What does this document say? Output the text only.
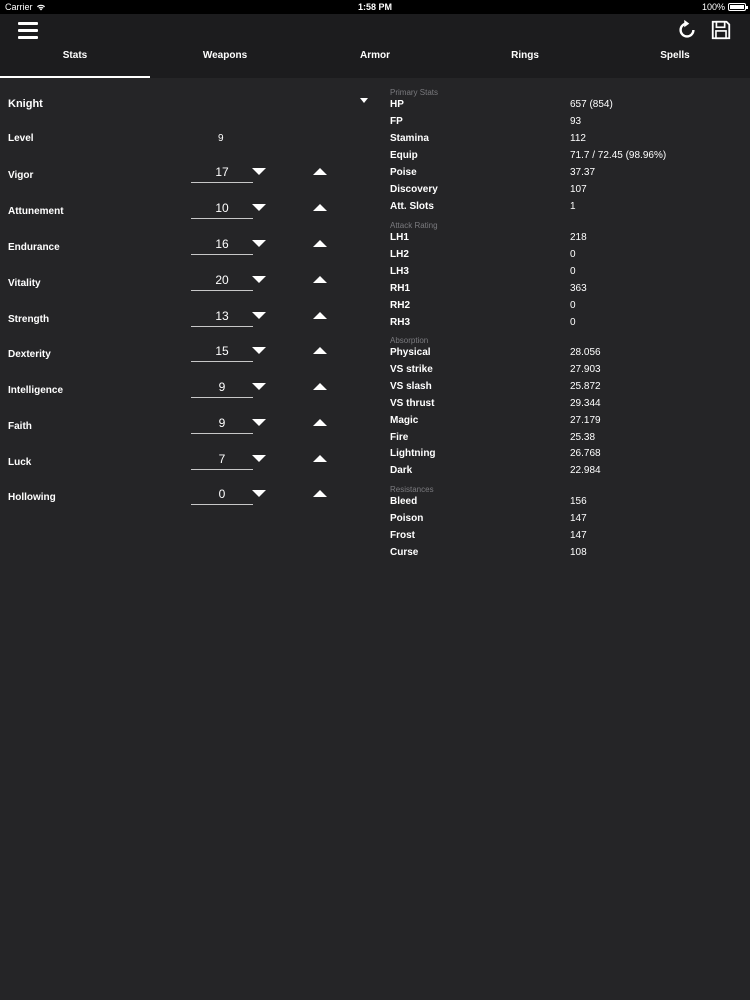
Carrier	1:58 PM	100%
Stats	Weapons	Armor	Rings	Spells
Knight
Level	9
Vigor	17
Attunement	10
Endurance	16
Vitality	20
Strength	13
Dexterity	15
Intelligence	9
Faith	9
Luck	7
Hollowing	0
Primary Stats
HP	657 (854)
FP	93
Stamina	112
Equip	71.7 / 72.45 (98.96%)
Poise	37.37
Discovery	107
Att. Slots	1
Attack Rating
LH1	218
LH2	0
LH3	0
RH1	363
RH2	0
RH3	0
Absorption
Physical	28.056
VS strike	27.903
VS slash	25.872
VS thrust	29.344
Magic	27.179
Fire	25.38
Lightning	26.768
Dark	22.984
Resistances
Bleed	156
Poison	147
Frost	147
Curse	108
